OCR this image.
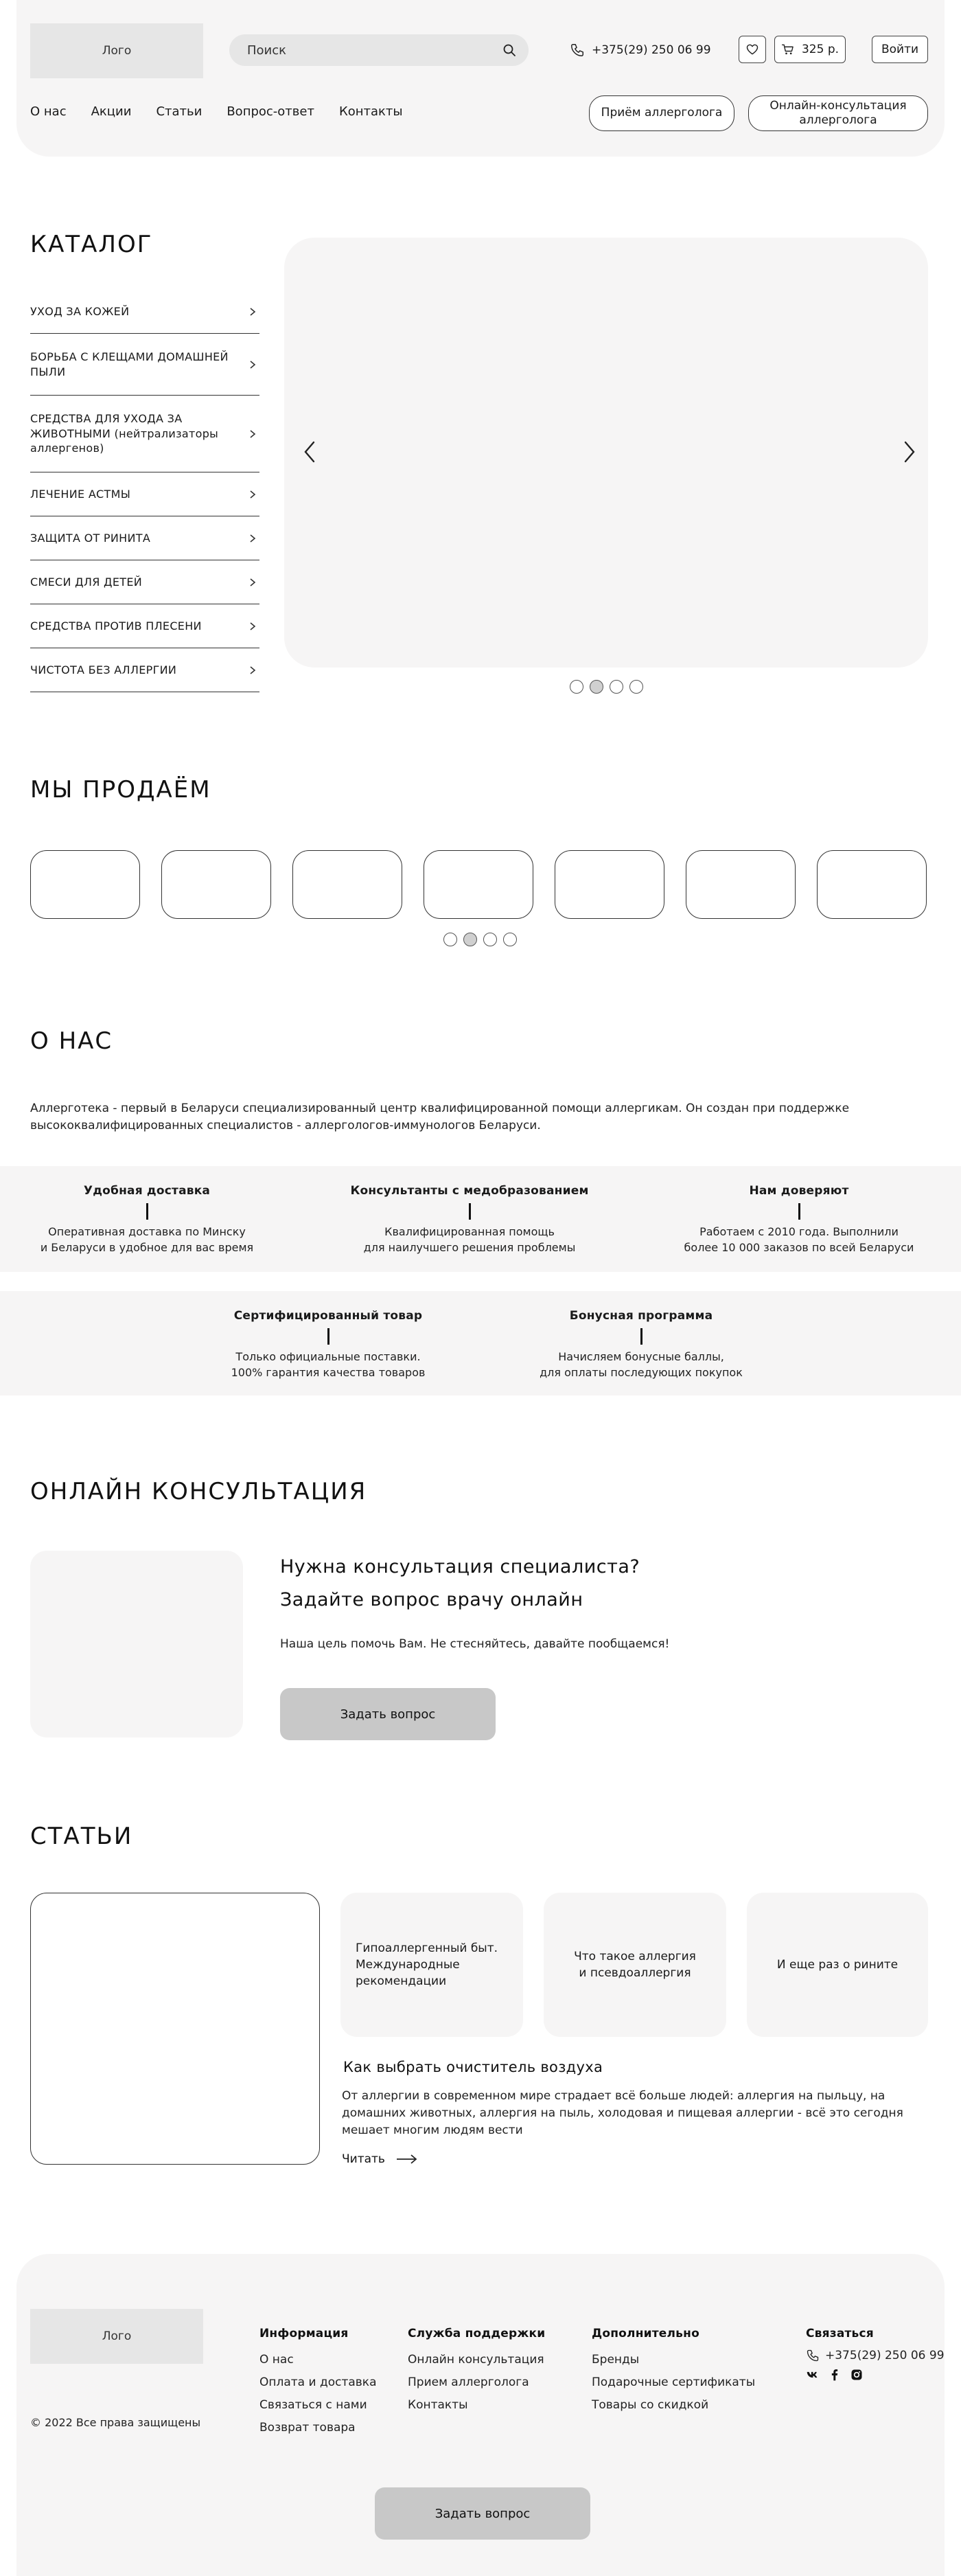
Лого
Поиск	+375(29) 250 06 99	325 р.	Войти
О нас Акции Статьи Вопрос-ответ Контакты	Приём аллерголога
Онлайн-консультация
аллерголога
КАТАЛОГ
УХОД ЗА КОЖЕЙ
БОРЬБА С КЛЕЩАМИ ДОМАШНЕЙ ПЫЛИ
СРЕДСТВА ДЛЯ УХОДА ЗА ЖИВОТНЫМИ (нейтрализаторы аллергенов)
ЛЕЧЕНИЕ АСТМЫ
ЗАЩИТА ОТ РИНИТА
СМЕСИ ДЛЯ ДЕТЕЙ
СРЕДСТВА ПРОТИВ ПЛЕСЕНИ
ЧИСТОТА БЕЗ АЛЛЕРГИИ
МЫ ПРОДАЁМ
О НАС
Аллерготека - первый в Беларуси специализированный центр квалифицированной помощи аллергикам. Он создан при поддержке
высококвалифицированных специалистов - аллергологов-иммунологов Беларуси.
Удобная доставка

Оперативная доставка по Минску

и Беларуси в удобное для вас время

Консультанты с медобразованием

Квалифицированная помощь

для наилучшего решения проблемы

Нам доверяют

Работаем с 2010 года. Выполнили

более 10 000 заказов по всей Беларуси

Сертифицированный товар

Только официальные поставки.

100% гарантия качества товаров

Бонусная программа

Начисляем бонусные баллы,

для оплаты последующих покупок

ОНЛАЙН КОНСУЛЬТАЦИЯ
Нужна консультация специалиста?
Задайте вопрос врачу онлайн
Наша цель помочь Вам. Не стесняйтесь, давайте пообщаемся!
Задать вопрос
СТАТЬИ
Гипоаллергенный быт.
Международные
рекомендации
Что такое аллергия
и псевдоаллергия
И еще раз о рините
Как выбрать очиститель воздуха
От аллергии в современном мире страдает всё больше людей: аллергия на пыльцу, на
домашних животных, аллергия на пыль, холодовая и пищевая аллергии - всё это сегодня
мешает многим людям вести
Читать
Лого
© 2022 Все права защищены
Информация
О нас
Оплата и доставка
Связаться с нами
Возврат товара
Служба поддержки
Онлайн консультация
Прием аллерголога
Контакты
Дополнительно
Бренды
Подарочные сертификаты
Товары со скидкой
Связаться
+375(29) 250 06 99
Задать вопрос
